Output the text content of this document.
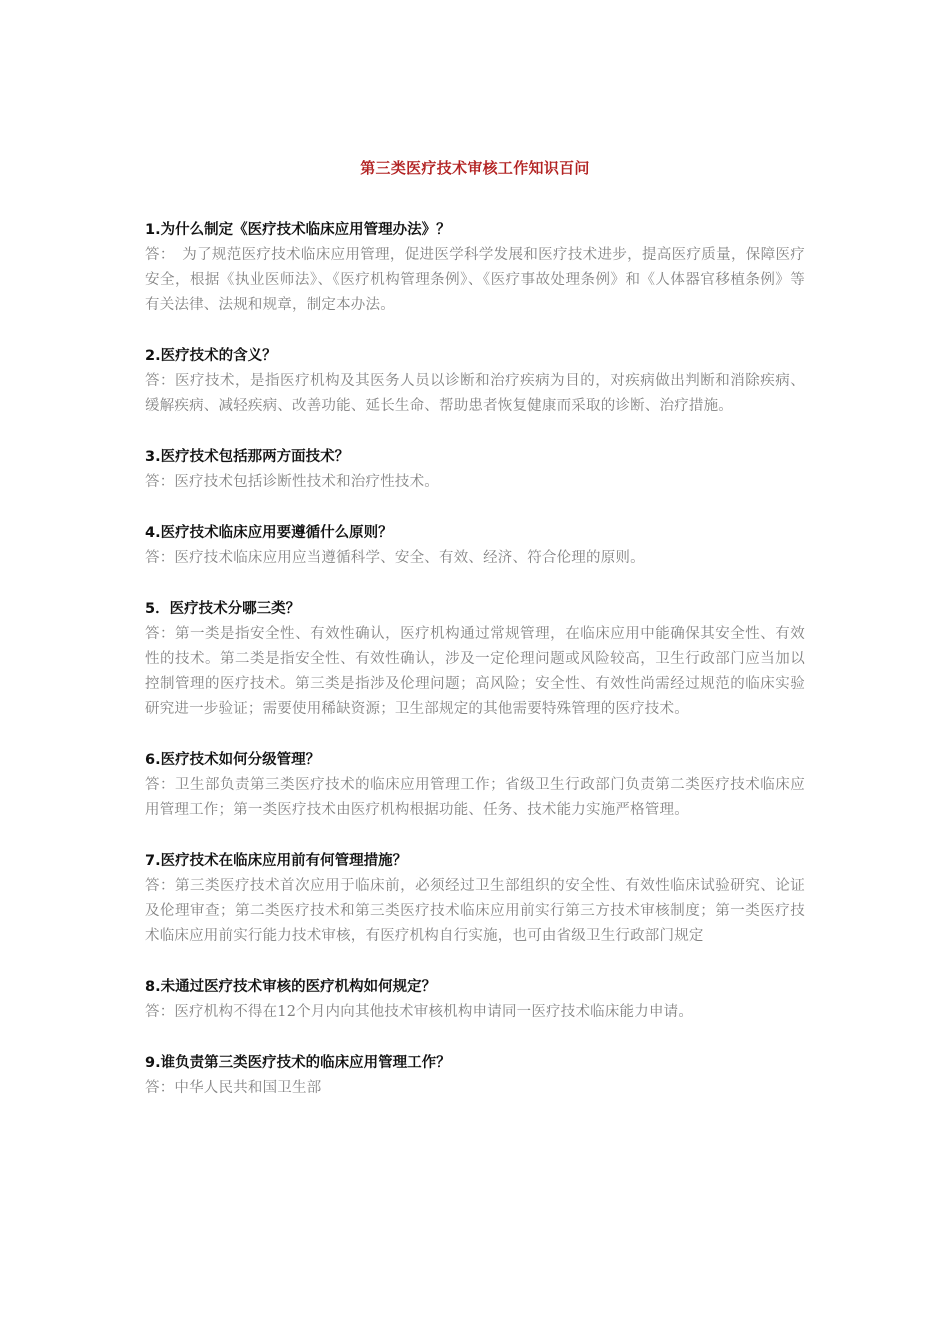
第三类医疗技术审核工作知识百问

1.为什么制定《医疗技术临床应用管理办法》？

答：　为了规范医疗技术临床应用管理，促进医学科学发展和医疗技术进步，提高医疗质量，保障医疗安全，根据《执业医师法》、《医疗机构管理条例》、《医疗事故处理条例》和《人体器官移植条例》等有关法律、法规和规章，制定本办法。

2.医疗技术的含义？

答：医疗技术，是指医疗机构及其医务人员以诊断和治疗疾病为目的，对疾病做出判断和消除疾病、缓解疾病、减轻疾病、改善功能、延长生命、帮助患者恢复健康而采取的诊断、治疗措施。

3.医疗技术包括那两方面技术？

答：医疗技术包括诊断性技术和治疗性技术。

4.医疗技术临床应用要遵循什么原则？

答：医疗技术临床应用应当遵循科学、安全、有效、经济、符合伦理的原则。

5．医疗技术分哪三类？

答：第一类是指安全性、有效性确认，医疗机构通过常规管理，在临床应用中能确保其安全性、有效性的技术。第二类是指安全性、有效性确认，涉及一定伦理问题或风险较高，卫生行政部门应当加以控制管理的医疗技术。第三类是指涉及伦理问题；高风险；安全性、有效性尚需经过规范的临床实验研究进一步验证；需要使用稀缺资源；卫生部规定的其他需要特殊管理的医疗技术。

6.医疗技术如何分级管理？

答：卫生部负责第三类医疗技术的临床应用管理工作；省级卫生行政部门负责第二类医疗技术临床应用管理工作；第一类医疗技术由医疗机构根据功能、任务、技术能力实施严格管理。

7.医疗技术在临床应用前有何管理措施？

答：第三类医疗技术首次应用于临床前，必须经过卫生部组织的安全性、有效性临床试验研究、论证及伦理审查；第二类医疗技术和第三类医疗技术临床应用前实行第三方技术审核制度；第一类医疗技术临床应用前实行能力技术审核，有医疗机构自行实施，也可由省级卫生行政部门规定

8.未通过医疗技术审核的医疗机构如何规定？

答：医疗机构不得在12个月内向其他技术审核机构申请同一医疗技术临床能力申请。

9.谁负责第三类医疗技术的临床应用管理工作？

答：中华人民共和国卫生部
